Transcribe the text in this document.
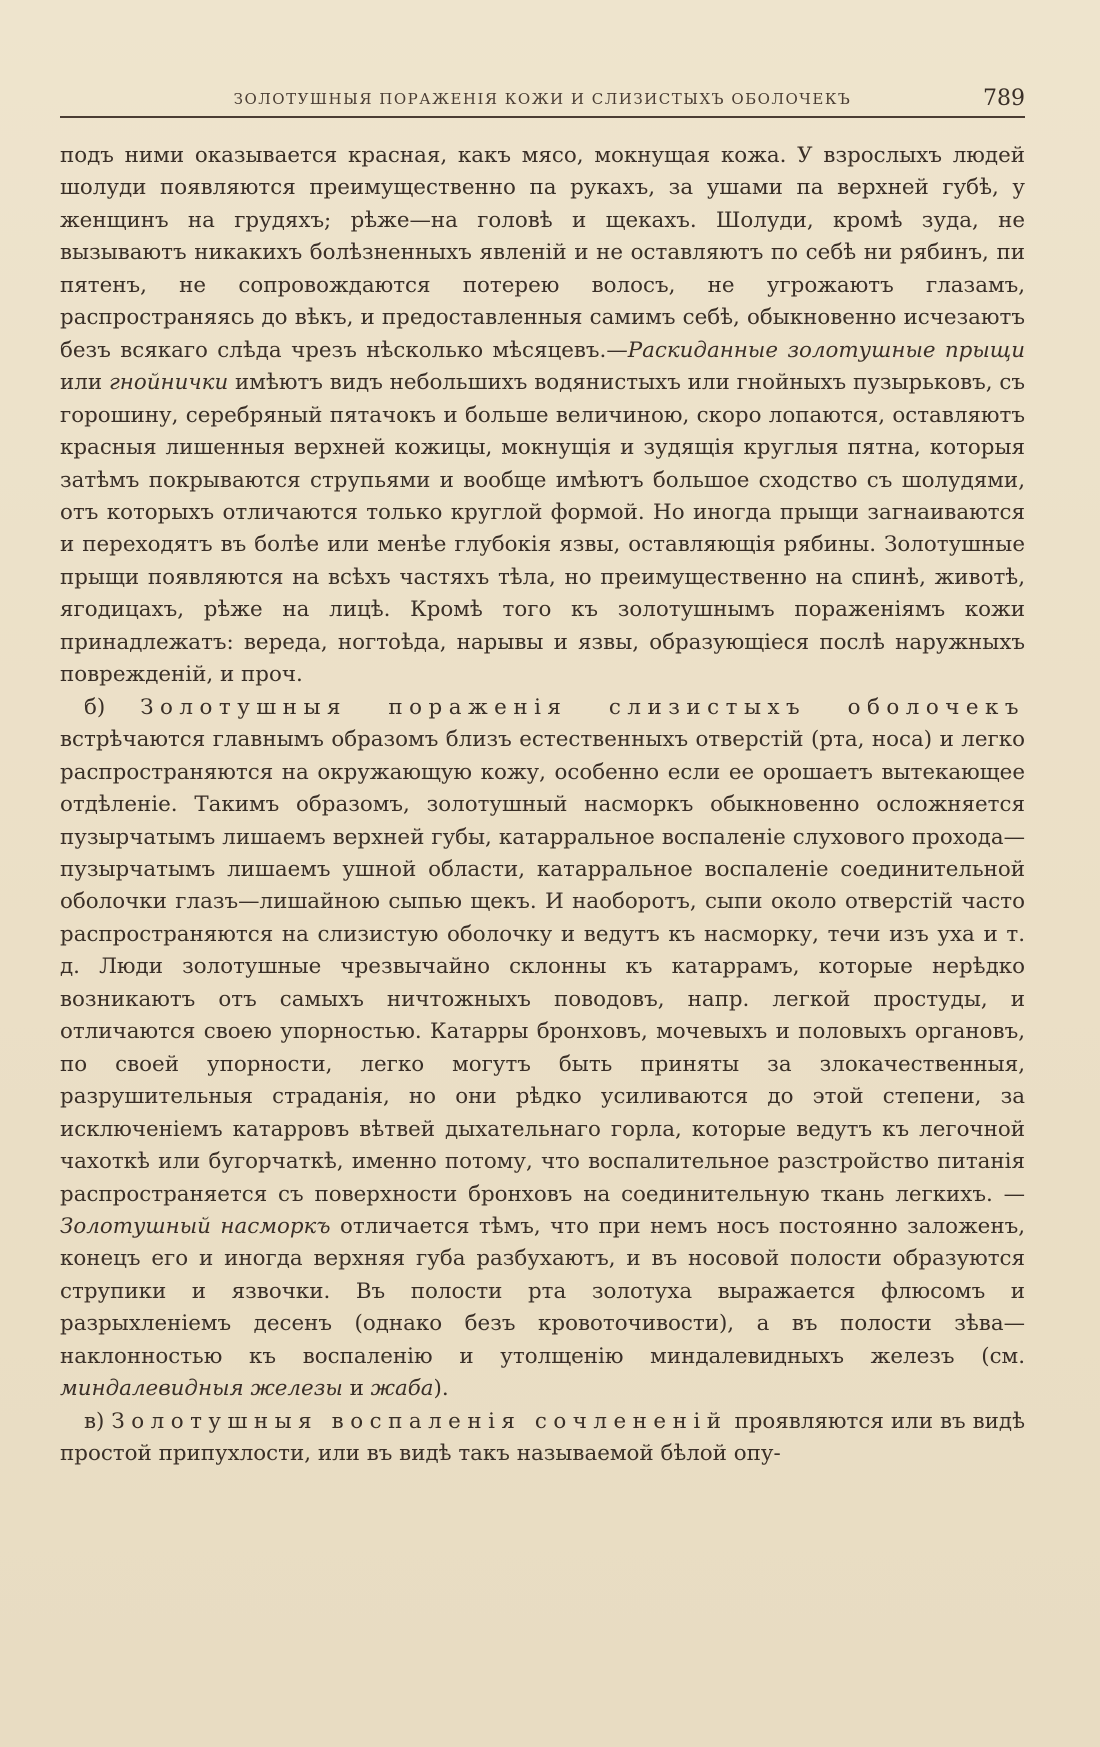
ЗОЛОТУШНЫЯ ПОРАЖЕНІЯ КОЖИ И СЛИЗИСТЫХЪ ОБОЛОЧЕКЪ	789

подъ ними оказывается красная, какъ мясо, мокнущая кожа. У взрослыхъ людей шолуди появляются преимущественно па рукахъ, за ушами па верхней губѣ, у женщинъ на грудяхъ; рѣже—на головѣ и щекахъ. Шолуди, кромѣ зуда, не вызываютъ никакихъ болѣзненныхъ явленій и не оставляютъ по себѣ ни рябинъ, пи пятенъ, не сопровождаются потерею волосъ, не угрожаютъ глазамъ, распространяясь до вѣкъ, и предоставленныя самимъ себѣ, обыкновенно исчезаютъ безъ всякаго слѣда чрезъ нѣсколько мѣсяцевъ.—Раскиданные золотушные прыщи или гнойнички имѣютъ видъ небольшихъ водянистыхъ или гнойныхъ пузырьковъ, съ горошину, серебряный пятачокъ и больше величиною, скоро лопаются, оставляютъ красныя лишенныя верхней кожицы, мокнущія и зудящія круглыя пятна, которыя затѣмъ покрываются струпьями и вообще имѣютъ большое сходство съ шолудями, отъ которыхъ отличаются только круглой формой. Но иногда прыщи загнаиваются и переходятъ въ болѣе или менѣе глубокія язвы, оставляющія рябины. Золотушные прыщи появляются на всѣхъ частяхъ тѣла, но преимущественно на спинѣ, животѣ, ягодицахъ, рѣже на лицѣ. Кромѣ того къ золотушнымъ пораженіямъ кожи принадлежатъ: вереда, ногтоѣда, нарывы и язвы, образующіеся послѣ наружныхъ поврежденій, и проч.

б) Золотушныя пораженія слизистыхъ оболочекъ встрѣчаются главнымъ образомъ близъ естественныхъ отверстій (рта, носа) и легко распространяются на окружающую кожу, особенно если ее орошаетъ вытекающее отдѣленіе. Такимъ образомъ, золотушный насморкъ обыкновенно осложняется пузырчатымъ лишаемъ верхней губы, катарральное воспаленіе слухового прохода—пузырчатымъ лишаемъ ушной области, катарральное воспаленіе соединительной оболочки глазъ—лишайною сыпью щекъ. И наоборотъ, сыпи около отверстій часто распространяются на слизистую оболочку и ведутъ къ насморку, течи изъ уха и т. д. Люди золотушные чрезвычайно склонны къ катаррамъ, которые нерѣдко возникаютъ отъ самыхъ ничтожныхъ поводовъ, напр. легкой простуды, и отличаются своею упорностью. Катарры бронховъ, мочевыхъ и половыхъ органовъ, по своей упорности, легко могутъ быть приняты за злокачественныя, разрушительныя страданія, но они рѣдко усиливаются до этой степени, за исключеніемъ катарровъ вѣтвей дыхательнаго горла, которые ведутъ къ легочной чахоткѣ или бугорчаткѣ, именно потому, что воспалительное разстройство питанія распространяется съ поверхности бронховъ на соединительную ткань легкихъ. — Золотушный насморкъ отличается тѣмъ, что при немъ носъ постоянно заложенъ, конецъ его и иногда верхняя губа разбухаютъ, и въ носовой полости образуются струпики и язвочки. Въ полости рта золотуха выражается флюсомъ и разрыхленіемъ десенъ (однако безъ кровоточивости), а въ полости зѣва—наклонностью къ воспаленію и утолщенію миндалевидныхъ железъ (см. миндалевидныя железы и жаба).

в) Золотушныя воспаленія сочлененій проявляются или въ видѣ простой припухлости, или въ видѣ такъ называемой бѣлой опу-
